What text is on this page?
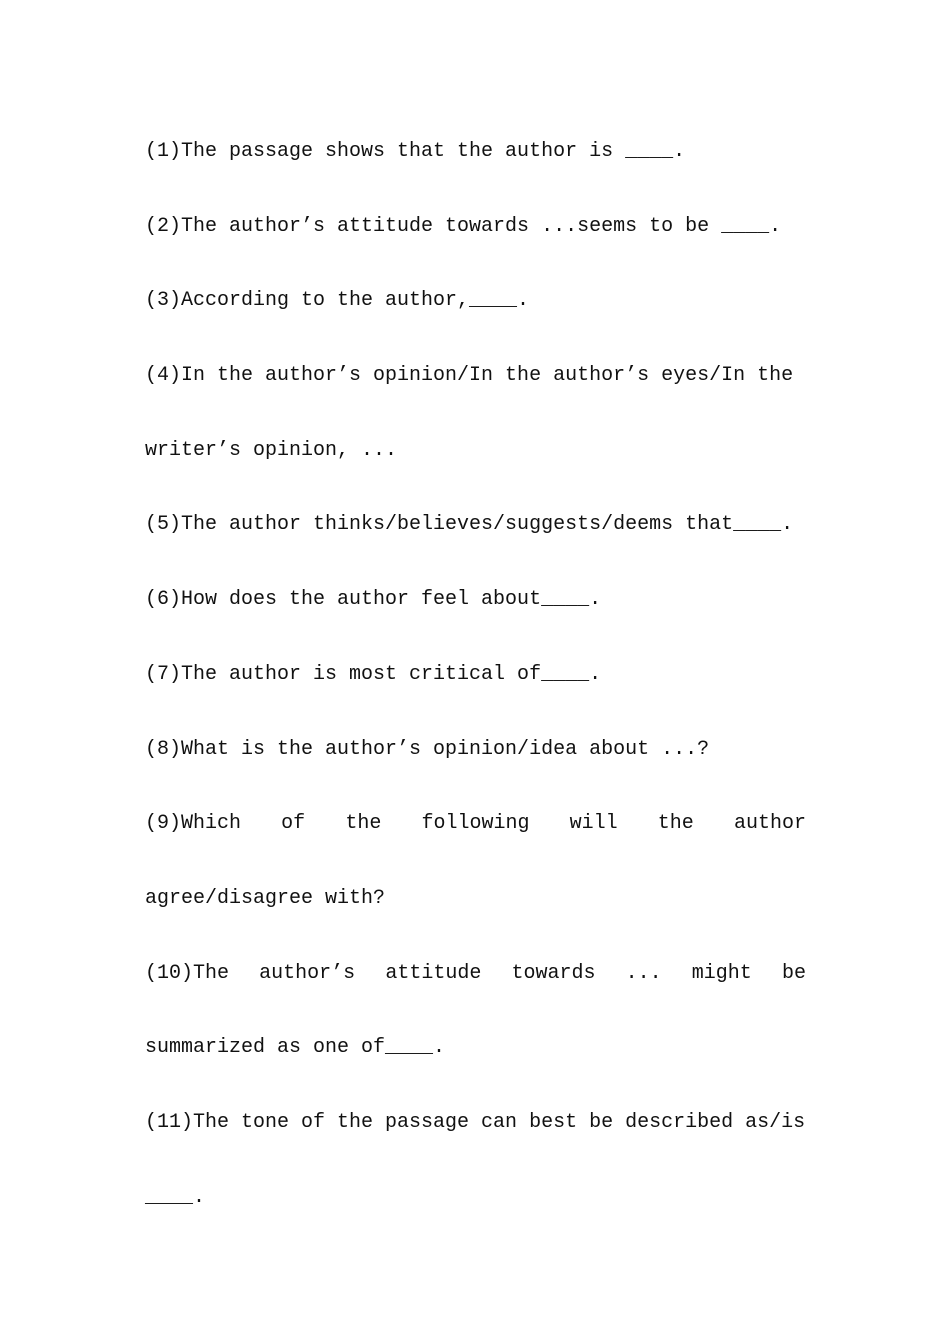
(1)The passage shows that the author is ____.
(2)The author’s attitude towards ...seems to be ____.
(3)According to the author,____.
(4)In the author’s opinion/In the author’s eyes/In the
writer’s opinion, ...
(5)The author thinks/believes/suggests/deems that____.
(6)How does the author feel about____.
(7)The author is most critical of____.
(8)What is the author’s opinion/idea about ...?
(9)Which of the following will the author
agree/disagree with?
(10)The author’s attitude towards ... might be
summarized as one of____.
(11)The tone of the passage can best be described as/is
____.
